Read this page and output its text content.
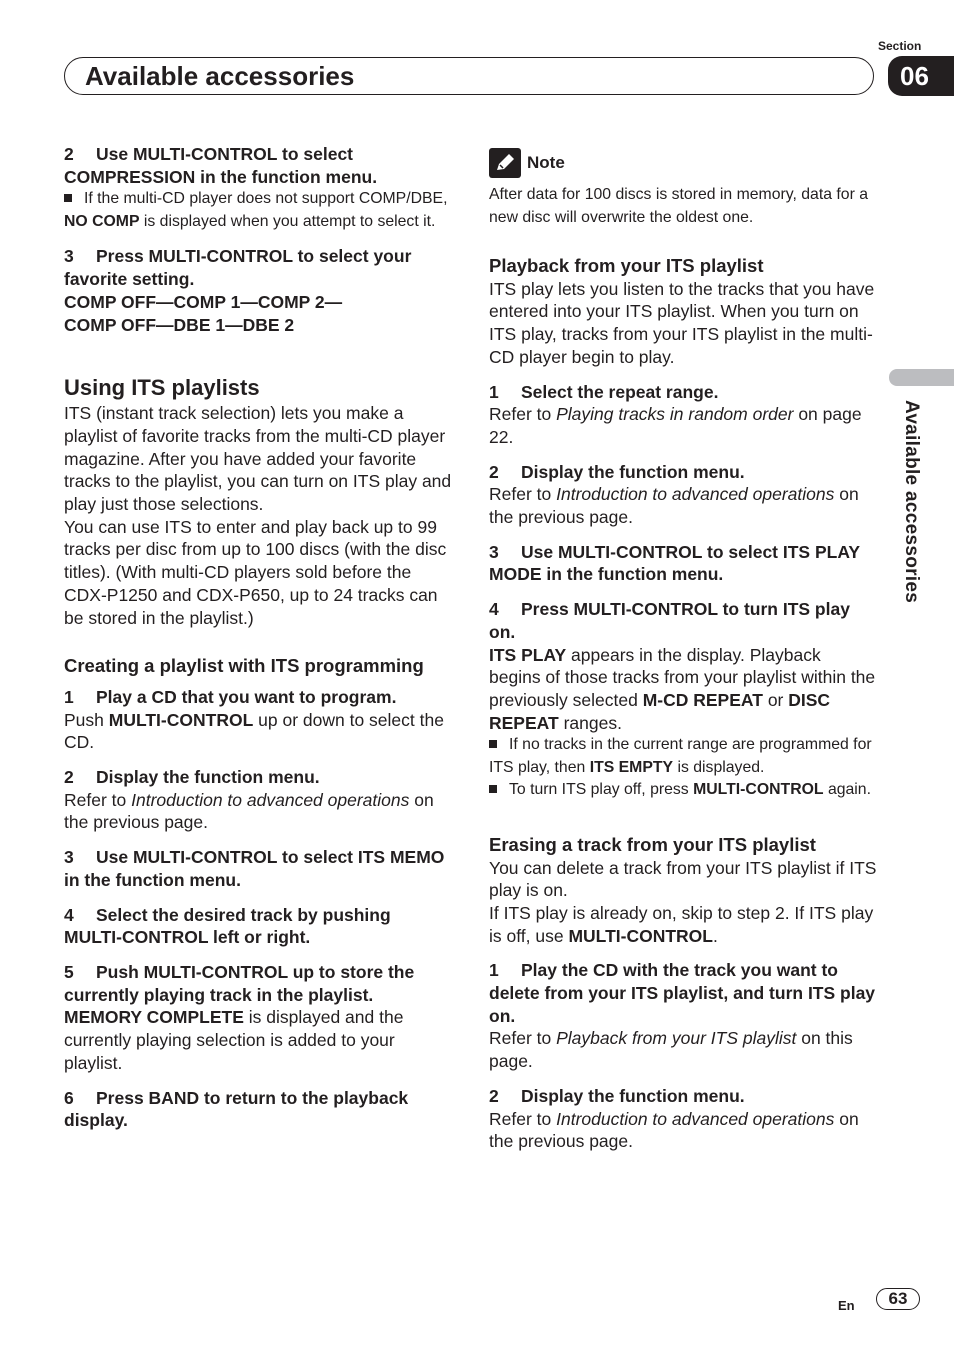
Section
06
Available accessories
Available accessories

2 Use MULTI-CONTROL to select COMPRESSION in the function menu.

If the multi-CD player does not support COMP/DBE, NO COMP is displayed when you attempt to select it.

3 Press MULTI-CONTROL to select your favorite setting.

COMP OFF—COMP 1—COMP 2—

COMP OFF—DBE 1—DBE 2

Using ITS playlists

ITS (instant track selection) lets you make a playlist of favorite tracks from the multi-CD player magazine. After you have added your favorite tracks to the playlist, you can turn on ITS play and play just those selections.

You can use ITS to enter and play back up to 99 tracks per disc from up to 100 discs (with the disc titles). (With multi-CD players sold before the CDX-P1250 and CDX-P650, up to 24 tracks can be stored in the playlist.)

Creating a playlist with ITS programming

1 Play a CD that you want to program.

Push MULTI-CONTROL up or down to select the CD.

2 Display the function menu.

Refer to Introduction to advanced operations on the previous page.

3 Use MULTI-CONTROL to select ITS MEMO in the function menu.

4 Select the desired track by pushing MULTI-CONTROL left or right.

5 Push MULTI-CONTROL up to store the currently playing track in the playlist.

MEMORY COMPLETE is displayed and the currently playing selection is added to your playlist.

6 Press BAND to return to the playback display.

Note

After data for 100 discs is stored in memory, data for a new disc will overwrite the oldest one.

Playback from your ITS playlist

ITS play lets you listen to the tracks that you have entered into your ITS playlist. When you turn on ITS play, tracks from your ITS playlist in the multi-CD player begin to play.

1 Select the repeat range.

Refer to Playing tracks in random order on page 22.

2 Display the function menu.

Refer to Introduction to advanced operations on the previous page.

3 Use MULTI-CONTROL to select ITS PLAY MODE in the function menu.

4 Press MULTI-CONTROL to turn ITS play on.

ITS PLAY appears in the display. Playback begins of those tracks from your playlist within the previously selected M-CD REPEAT or DISC REPEAT ranges.

If no tracks in the current range are programmed for ITS play, then ITS EMPTY is displayed.

To turn ITS play off, press MULTI-CONTROL again.

Erasing a track from your ITS playlist

You can delete a track from your ITS playlist if ITS play is on.

If ITS play is already on, skip to step 2. If ITS play is off, use MULTI-CONTROL.

1 Play the CD with the track you want to delete from your ITS playlist, and turn ITS play on.

Refer to Playback from your ITS playlist on this page.

2 Display the function menu.

Refer to Introduction to advanced operations on the previous page.

En	63
